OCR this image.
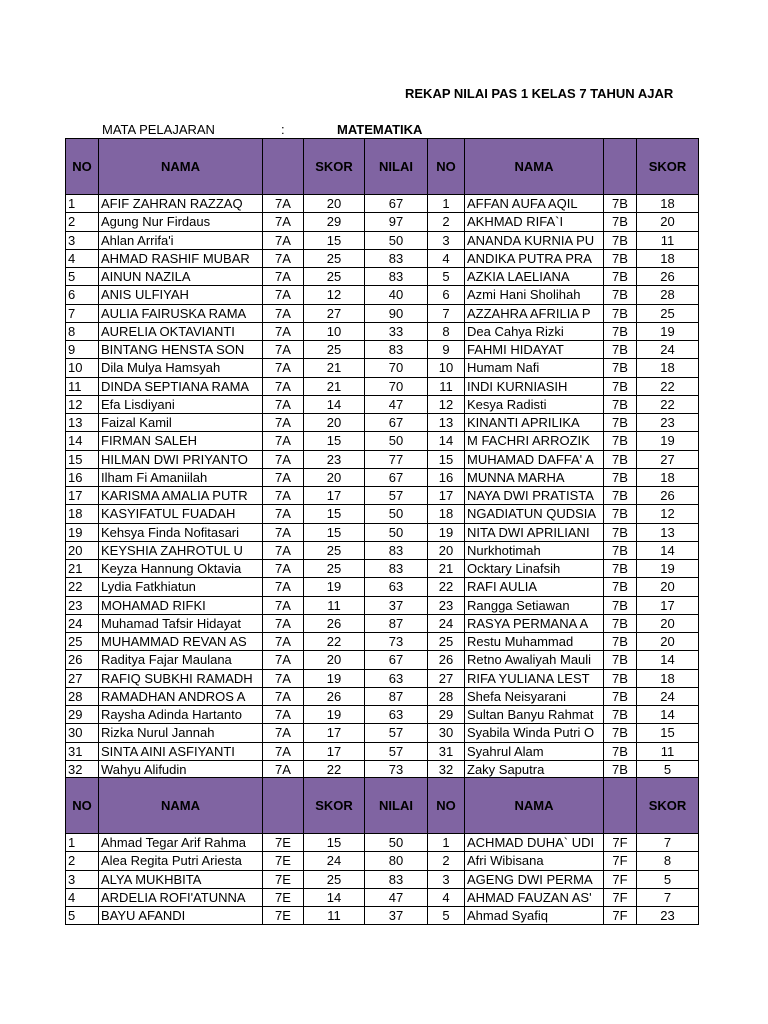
REKAP NILAI PAS 1 KELAS 7 TAHUN AJAR
MATA PELAJARAN	:	MATEMATIKA
NO	NAMA		SKOR	NILAI	NO	NAMA		SKOR
1	AFIF ZAHRAN RAZZAQ	7A	20	67	1	AFFAN AUFA AQIL	7B	18
2	Agung Nur Firdaus	7A	29	97	2	AKHMAD RIFA`I	7B	20
3	Ahlan Arrifa'i	7A	15	50	3	ANANDA KURNIA PU	7B	11
4	AHMAD RASHIF MUBAR	7A	25	83	4	ANDIKA PUTRA PRA	7B	18
5	AINUN NAZILA	7A	25	83	5	AZKIA LAELIANA	7B	26
6	ANIS ULFIYAH	7A	12	40	6	Azmi Hani Sholihah	7B	28
7	AULIA FAIRUSKA RAMA	7A	27	90	7	AZZAHRA AFRILIA P	7B	25
8	AURELIA OKTAVIANTI	7A	10	33	8	Dea Cahya Rizki	7B	19
9	BINTANG HENSTA SON	7A	25	83	9	FAHMI HIDAYAT	7B	24
10	Dila Mulya Hamsyah	7A	21	70	10	Humam Nafi	7B	18
11	DINDA SEPTIANA RAMA	7A	21	70	11	INDI KURNIASIH	7B	22
12	Efa Lisdiyani	7A	14	47	12	Kesya Radisti	7B	22
13	Faizal Kamil	7A	20	67	13	KINANTI APRILIKA	7B	23
14	FIRMAN SALEH	7A	15	50	14	M FACHRI ARROZIK	7B	19
15	HILMAN DWI PRIYANTO	7A	23	77	15	MUHAMAD DAFFA' A	7B	27
16	Ilham Fi Amaniilah	7A	20	67	16	MUNNA MARHA	7B	18
17	KARISMA AMALIA PUTR	7A	17	57	17	NAYA DWI PRATISTA	7B	26
18	KASYIFATUL FUADAH	7A	15	50	18	NGADIATUN QUDSIA	7B	12
19	Kehsya Finda Nofitasari	7A	15	50	19	NITA DWI APRILIANI	7B	13
20	KEYSHIA ZAHROTUL U	7A	25	83	20	Nurkhotimah	7B	14
21	Keyza Hannung Oktavia	7A	25	83	21	Ocktary Linafsih	7B	19
22	Lydia Fatkhiatun	7A	19	63	22	RAFI AULIA	7B	20
23	MOHAMAD RIFKI	7A	11	37	23	Rangga Setiawan	7B	17
24	Muhamad Tafsir Hidayat	7A	26	87	24	RASYA PERMANA A	7B	20
25	MUHAMMAD REVAN AS	7A	22	73	25	Restu Muhammad	7B	20
26	Raditya Fajar Maulana	7A	20	67	26	Retno Awaliyah Mauli	7B	14
27	RAFIQ SUBKHI RAMADH	7A	19	63	27	RIFA YULIANA LEST	7B	18
28	RAMADHAN ANDROS A	7A	26	87	28	Shefa Neisyarani	7B	24
29	Raysha Adinda Hartanto	7A	19	63	29	Sultan Banyu Rahmat	7B	14
30	Rizka Nurul Jannah	7A	17	57	30	Syabila Winda Putri O	7B	15
31	SINTA AINI ASFIYANTI	7A	17	57	31	Syahrul Alam	7B	11
32	Wahyu Alifudin	7A	22	73	32	Zaky Saputra	7B	5

NO	NAMA		SKOR	NILAI	NO	NAMA		SKOR
1	Ahmad Tegar Arif Rahma	7E	15	50	1	ACHMAD DUHA` UDI	7F	7
2	Alea Regita Putri Ariesta	7E	24	80	2	Afri Wibisana	7F	8
3	ALYA MUKHBITA	7E	25	83	3	AGENG DWI PERMA	7F	5
4	ARDELIA ROFI'ATUNNA	7E	14	47	4	AHMAD FAUZAN AS'	7F	7
5	BAYU AFANDI	7E	11	37	5	Ahmad Syafiq	7F	23
